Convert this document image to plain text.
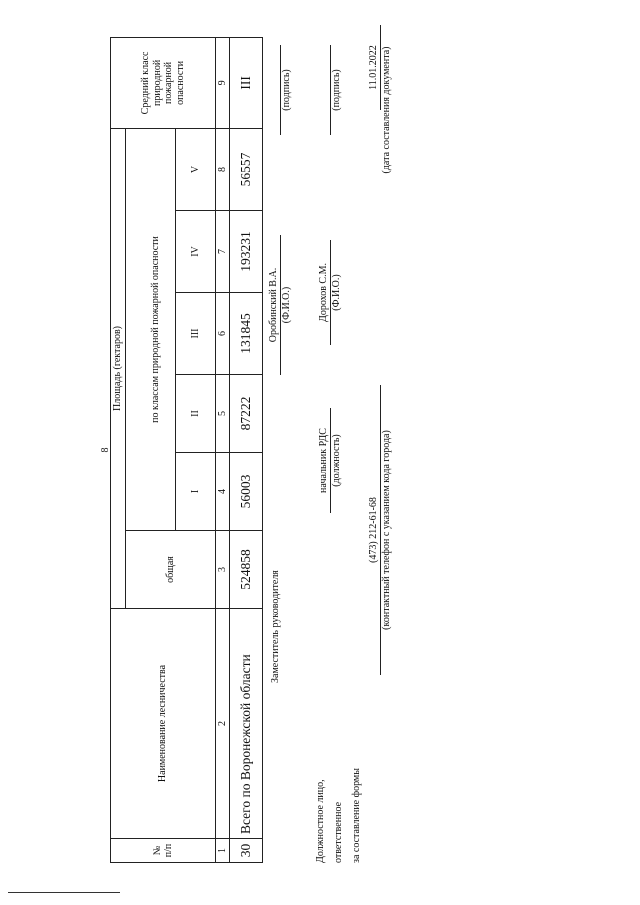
8
№
п/п	Наименование лесничества	Площадь (гектаров)						Средний класс природной пожарной опасности
		общая						
			по классам природной пожарной опасности					
			I	II	III	IV	V	
1	2	3	4	5	6	7	8	9
30	Всего по Воронежской области	524858	56003	87222	131845	193231	56557	III
Заместитель руководителя
Оробинский В.А. (Ф.И.О.)
(подпись)
Должностное лицо, ответственное за составление формы
начальник РДС (должность)
Дорохов С.М. (Ф.И.О.)
(подпись)
(473) 212-61-68 (контактный телефон с указанием кода города)
11.01.2022 (дата составления документа)
